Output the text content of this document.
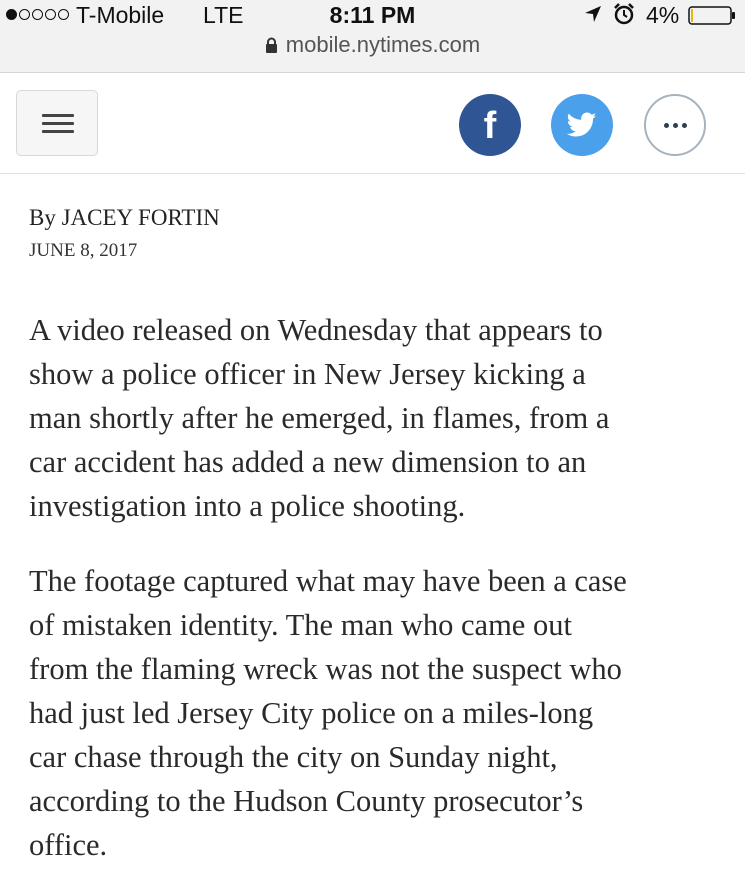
T-Mobile LTE	8:11 PM	4%
mobile.nytimes.com
f
By JACEY FORTIN
JUNE 8, 2017

A video released on Wednesday that appears to
show a police officer in New Jersey kicking a
man shortly after he emerged, in flames, from a
car accident has added a new dimension to an
investigation into a police shooting.

The footage captured what may have been a case
of mistaken identity. The man who came out
from the flaming wreck was not the suspect who
had just led Jersey City police on a miles-long
car chase through the city on Sunday night,
according to the Hudson County prosecutor’s
office.
